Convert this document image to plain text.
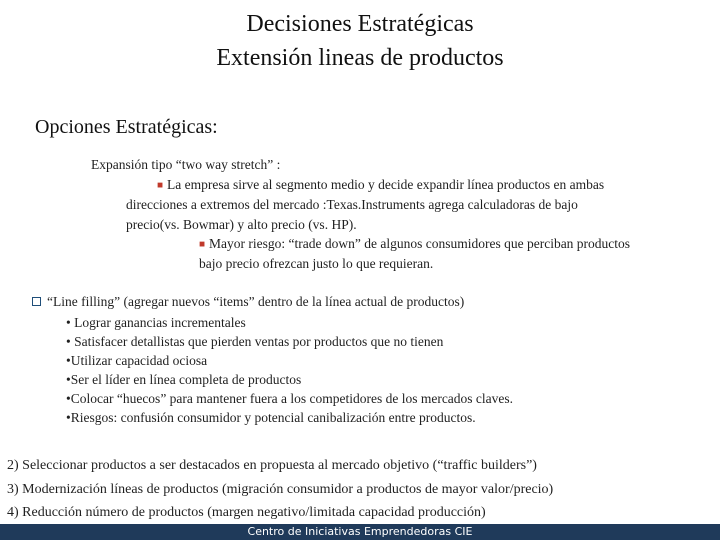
Decisiones Estratégicas
Extensión lineas de productos
Opciones Estratégicas:
Expansión tipo “two way stretch” :
■ La empresa sirve al segmento medio y decide expandir línea productos en ambas
direcciones a extremos del mercado :Texas.Instruments agrega calculadoras de bajo
precio(vs. Bowmar) y alto precio (vs. HP).
■ Mayor riesgo: “trade down” de algunos consumidores que perciban productos
bajo precio ofrezcan justo lo que requieran.
“Line filling” (agregar nuevos “items” dentro de la línea actual de productos)
• Lograr ganancias incrementales
• Satisfacer detallistas que pierden ventas por productos que no tienen
•Utilizar capacidad ociosa
•Ser el líder en línea completa de productos
•Colocar “huecos” para mantener fuera a los competidores de los mercados claves.
•Riesgos: confusión consumidor y potencial canibalización entre productos.
2) Seleccionar productos a ser destacados en propuesta al mercado objetivo (“traffic builders”)
3) Modernización líneas de productos (migración consumidor a productos de mayor valor/precio)
4) Reducción número de productos (margen negativo/limitada capacidad producción)
Centro de Iniciativas Emprendedoras CIE
